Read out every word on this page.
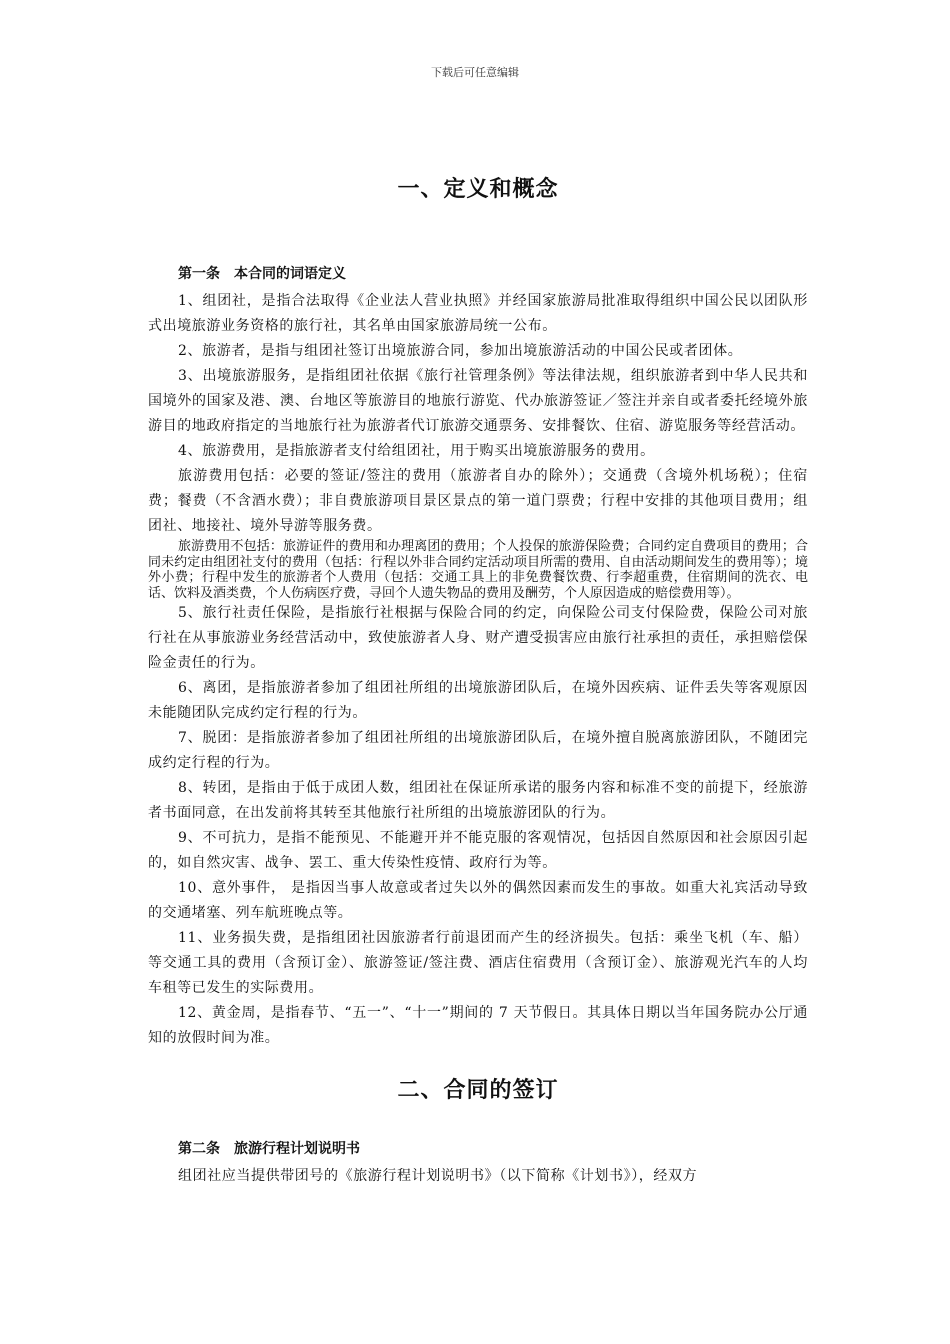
下载后可任意编辑
一、定义和概念
第一条 本合同的词语定义

1、组团社，是指合法取得《企业法人营业执照》并经国家旅游局批准取得组织中国公民以团队形式出境旅游业务资格的旅行社，其名单由国家旅游局统一公布。

2、旅游者，是指与组团社签订出境旅游合同，参加出境旅游活动的中国公民或者团体。

3、出境旅游服务，是指组团社依据《旅行社管理条例》等法律法规，组织旅游者到中华人民共和国境外的国家及港、澳、台地区等旅游目的地旅行游览、代办旅游签证／签注并亲自或者委托经境外旅游目的地政府指定的当地旅行社为旅游者代订旅游交通票务、安排餐饮、住宿、游览服务等经营活动。

4、旅游费用，是指旅游者支付给组团社，用于购买出境旅游服务的费用。

旅游费用包括：必要的签证/签注的费用（旅游者自办的除外）；交通费（含境外机场税）；住宿费；餐费（不含酒水费）；非自费旅游项目景区景点的第一道门票费；行程中安排的其他项目费用；组团社、地接社、境外导游等服务费。

旅游费用不包括：旅游证件的费用和办理离团的费用；个人投保的旅游保险费；合同约定自费项目的费用；合同未约定由组团社支付的费用（包括：行程以外非合同约定活动项目所需的费用、自由活动期间发生的费用等）；境外小费；行程中发生的旅游者个人费用（包括：交通工具上的非免费餐饮费、行李超重费，住宿期间的洗衣、电话、饮料及酒类费，个人伤病医疗费，寻回个人遗失物品的费用及酬劳，个人原因造成的赔偿费用等）。

5、旅行社责任保险，是指旅行社根据与保险合同的约定，向保险公司支付保险费，保险公司对旅行社在从事旅游业务经营活动中，致使旅游者人身、财产遭受损害应由旅行社承担的责任，承担赔偿保险金责任的行为。

6、离团，是指旅游者参加了组团社所组的出境旅游团队后，在境外因疾病、证件丢失等客观原因未能随团队完成约定行程的行为。

7、脱团：是指旅游者参加了组团社所组的出境旅游团队后，在境外擅自脱离旅游团队，不随团完成约定行程的行为。

8、转团，是指由于低于成团人数，组团社在保证所承诺的服务内容和标准不变的前提下，经旅游者书面同意，在出发前将其转至其他旅行社所组的出境旅游团队的行为。

9、不可抗力，是指不能预见、不能避开并不能克服的客观情况，包括因自然原因和社会原因引起的，如自然灾害、战争、罢工、重大传染性疫情、政府行为等。

10、意外事件， 是指因当事人故意或者过失以外的偶然因素而发生的事故。如重大礼宾活动导致的交通堵塞、列车航班晚点等。

11、业务损失费，是指组团社因旅游者行前退团而产生的经济损失。包括：乘坐飞机（车、船）等交通工具的费用（含预订金）、旅游签证/签注费、酒店住宿费用（含预订金）、旅游观光汽车的人均车租等已发生的实际费用。

12、黄金周，是指春节、“五一”、“十一”期间的 7 天节假日。其具体日期以当年国务院办公厅通知的放假时间为准。

二、合同的签订
第二条 旅游行程计划说明书

组团社应当提供带团号的《旅游行程计划说明书》（以下简称《计划书》），经双方
